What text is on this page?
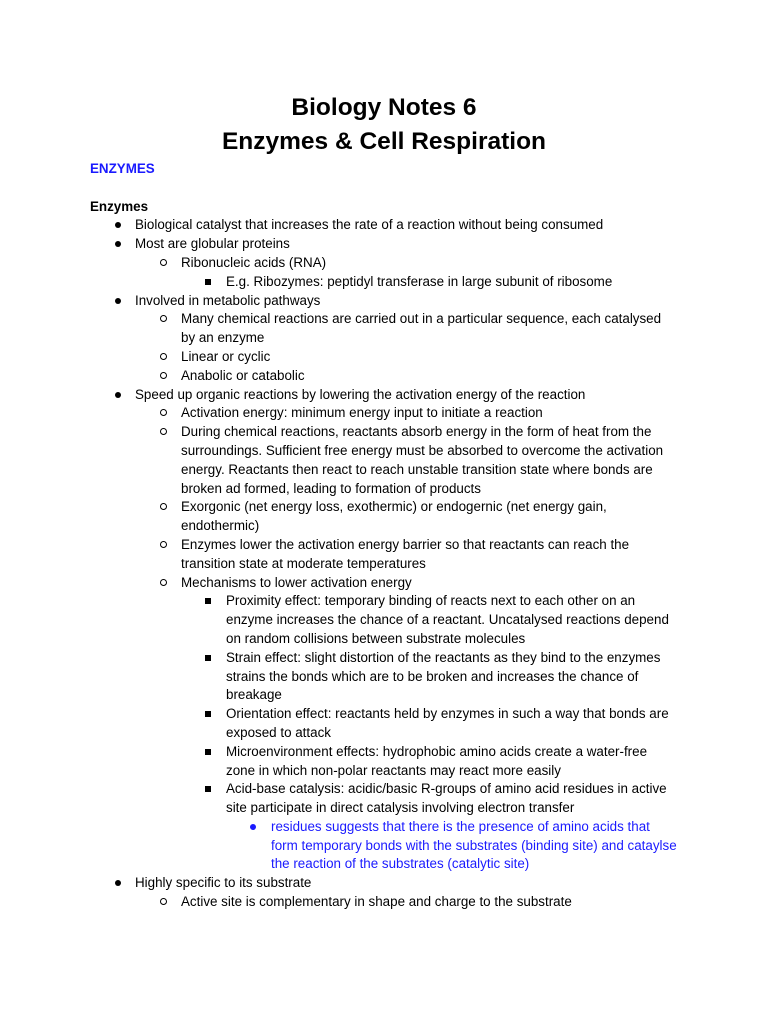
Biology Notes 6
Enzymes & Cell Respiration

ENZYMES

Enzymes

Biological catalyst that increases the rate of a reaction without being consumed
Most are globular proteins
Ribonucleic acids (RNA)
E.g. Ribozymes: peptidyl transferase in large subunit of ribosome
Involved in metabolic pathways
Many chemical reactions are carried out in a particular sequence, each catalysed by an enzyme
Linear or cyclic
Anabolic or catabolic
Speed up organic reactions by lowering the activation energy of the reaction
Activation energy: minimum energy input to initiate a reaction
During chemical reactions, reactants absorb energy in the form of heat from the surroundings. Sufficient free energy must be absorbed to overcome the activation energy. Reactants then react to reach unstable transition state where bonds are broken ad formed, leading to formation of products
Exorgonic (net energy loss, exothermic) or endogernic (net energy gain, endothermic)
Enzymes lower the activation energy barrier so that reactants can reach the transition state at moderate temperatures
Mechanisms to lower activation energy
Proximity effect: temporary binding of reacts next to each other on an enzyme increases the chance of a reactant. Uncatalysed reactions depend on random collisions between substrate molecules
Strain effect: slight distortion of the reactants as they bind to the enzymes strains the bonds which are to be broken and increases the chance of breakage
Orientation effect: reactants held by enzymes in such a way that bonds are exposed to attack
Microenvironment effects: hydrophobic amino acids create a water-free zone in which non-polar reactants may react more easily
Acid-base catalysis: acidic/basic R-groups of amino acid residues in active site participate in direct catalysis involving electron transfer
residues suggests that there is the presence of amino acids that form temporary bonds with the substrates (binding site) and cataylse the reaction of the substrates (catalytic site)
Highly specific to its substrate
Active site is complementary in shape and charge to the substrate
